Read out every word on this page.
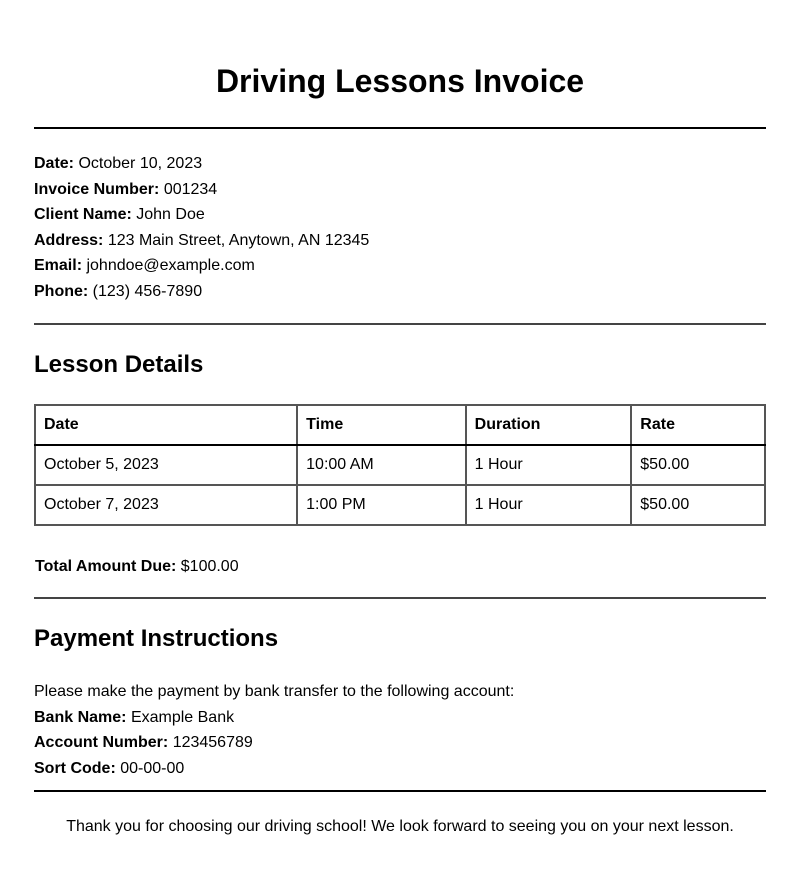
Driving Lessons Invoice
Date: October 10, 2023
Invoice Number: 001234
Client Name: John Doe
Address: 123 Main Street, Anytown, AN 12345
Email: johndoe@example.com
Phone: (123) 456-7890
Lesson Details
Date	Time	Duration	Rate
October 5, 2023	10:00 AM	1 Hour	$50.00
October 7, 2023	1:00 PM	1 Hour	$50.00
Total Amount Due: $100.00
Payment Instructions
Please make the payment by bank transfer to the following account:
Bank Name: Example Bank
Account Number: 123456789
Sort Code: 00-00-00
Thank you for choosing our driving school! We look forward to seeing you on your next lesson.
